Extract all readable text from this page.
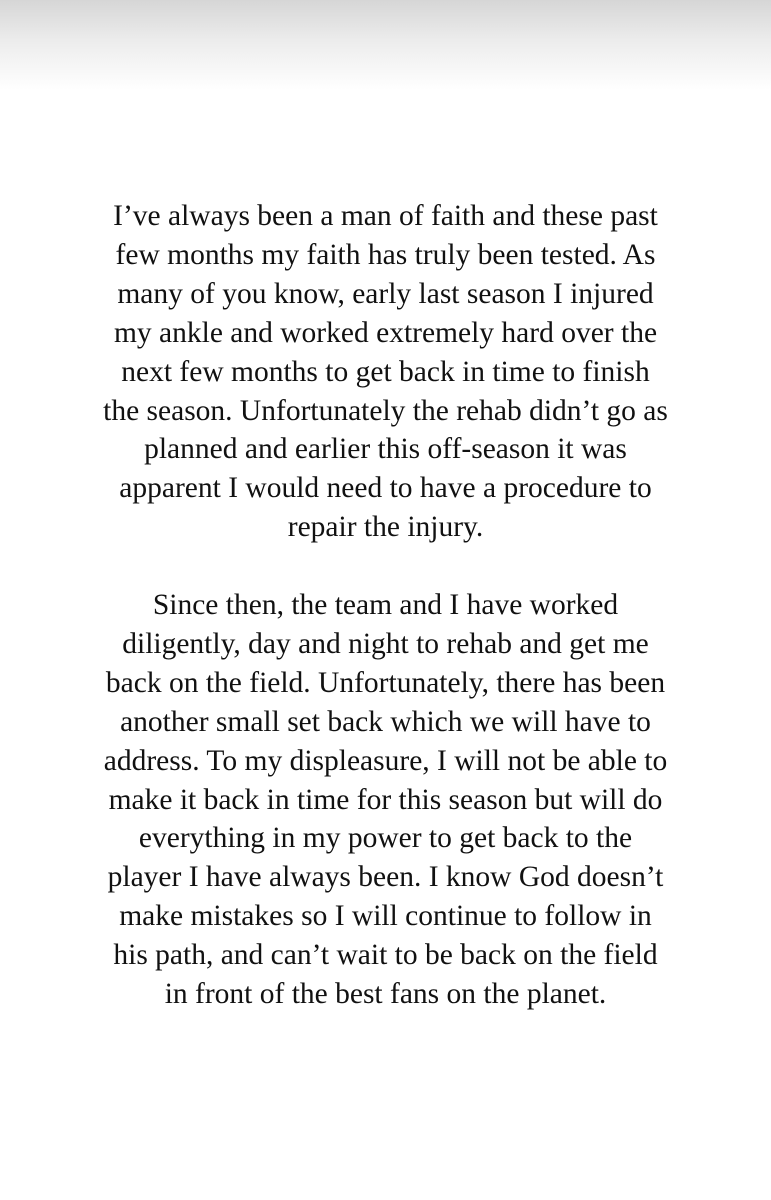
I’ve always been a man of faith and these past
few months my faith has truly been tested. As
many of you know, early last season I injured
my ankle and worked extremely hard over the
next few months to get back in time to finish
the season. Unfortunately the rehab didn’t go as
planned and earlier this off-season it was
apparent I would need to have a procedure to
repair the injury.
Since then, the team and I have worked
diligently, day and night to rehab and get me
back on the field. Unfortunately, there has been
another small set back which we will have to
address. To my displeasure, I will not be able to
make it back in time for this season but will do
everything in my power to get back to the
player I have always been. I know God doesn’t
make mistakes so I will continue to follow in
his path, and can’t wait to be back on the field
in front of the best fans on the planet.
